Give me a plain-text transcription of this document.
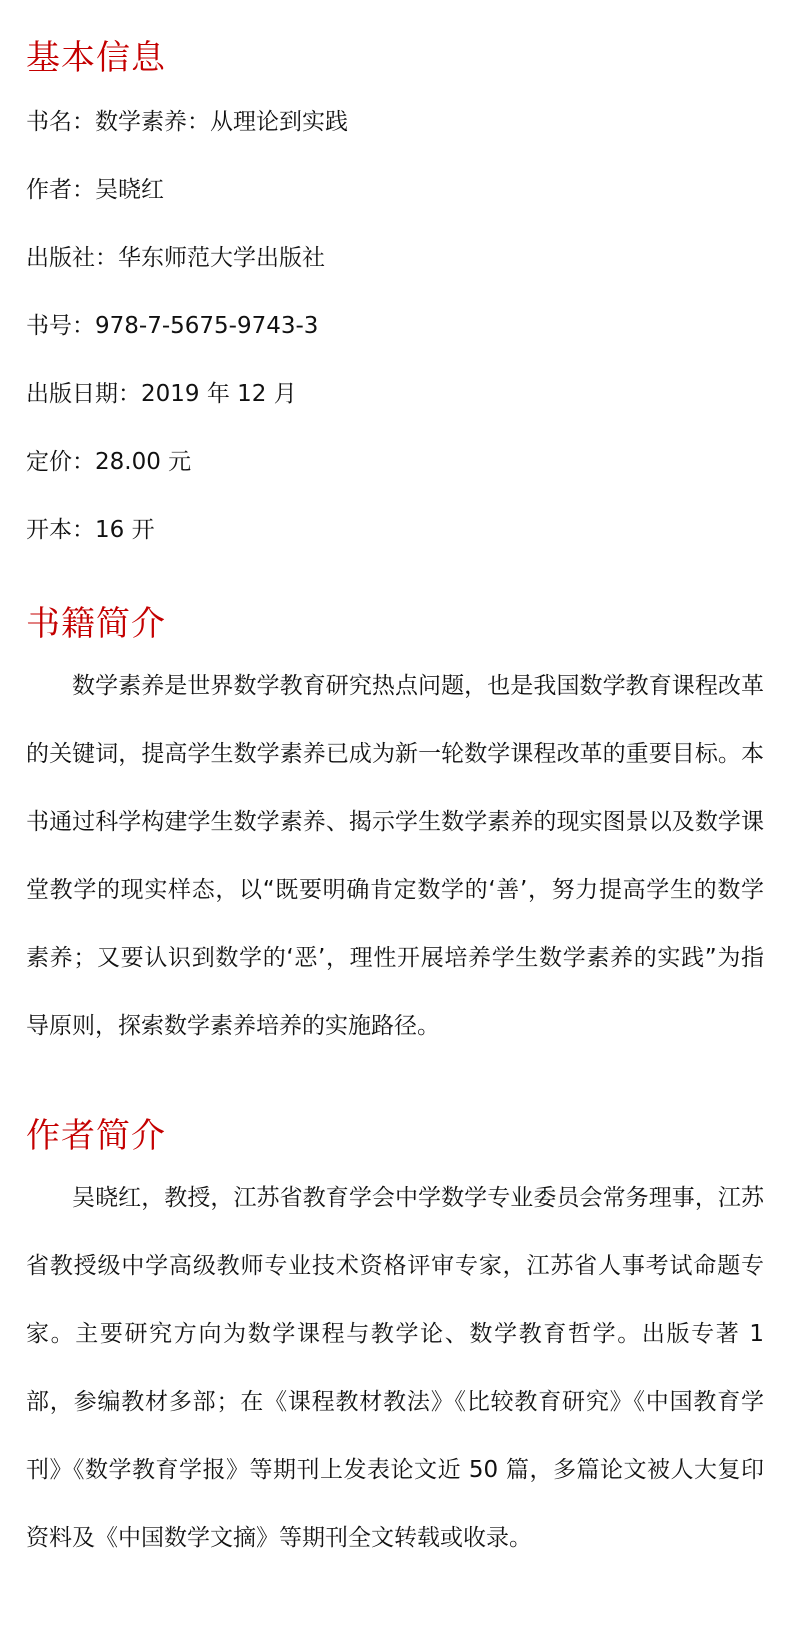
基本信息
书名：数学素养：从理论到实践
作者：吴晓红
出版社：华东师范大学出版社
书号：978-7-5675-9743-3
出版日期：2019 年 12 月
定价：28.00 元
开本：16 开
书籍简介

数学素养是世界数学教育研究热点问题，也是我国数学教育课程改革的关键词，提高学生数学素养已成为新一轮数学课程改革的重要目标。本书通过科学构建学生数学素养、揭示学生数学素养的现实图景以及数学课堂教学的现实样态，以“既要明确肯定数学的‘善’，努力提高学生的数学素养；又要认识到数学的‘恶’，理性开展培养学生数学素养的实践”为指导原则，探索数学素养培养的实施路径。

作者简介

吴晓红，教授，江苏省教育学会中学数学专业委员会常务理事，江苏省教授级中学高级教师专业技术资格评审专家，江苏省人事考试命题专家。主要研究方向为数学课程与教学论、数学教育哲学。出版专著 1 部，参编教材多部；在《课程教材教法》《比较教育研究》《中国教育学刊》《数学教育学报》等期刊上发表论文近 50 篇，多篇论文被人大复印资料及《中国数学文摘》等期刊全文转载或收录。
